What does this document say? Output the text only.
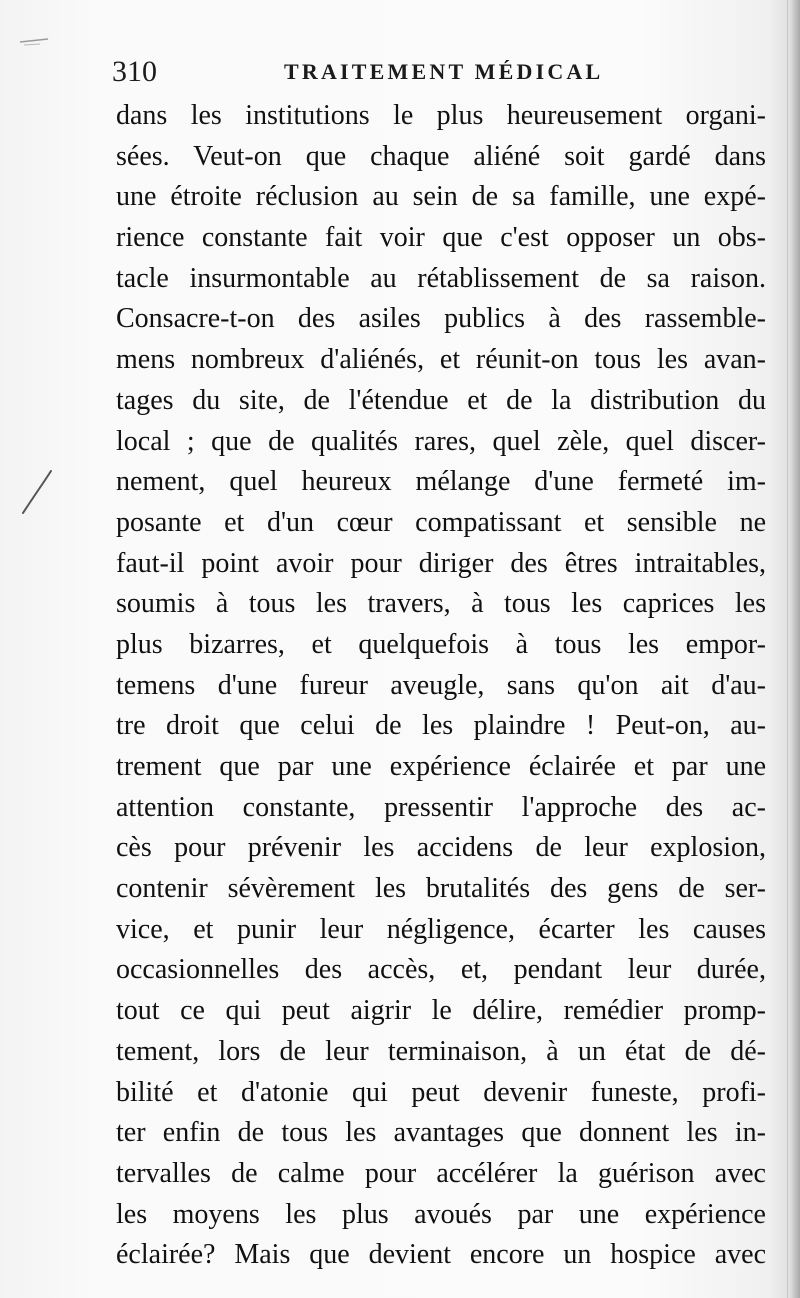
310	TRAITEMENT MÉDICAL
dans les institutions le plus heureusement organi-
sées. Veut-on que chaque aliéné soit gardé dans
une étroite réclusion au sein de sa famille, une expé-
rience constante fait voir que c'est opposer un obs-
tacle insurmontable au rétablissement de sa raison.
Consacre-t-on des asiles publics à des rassemble-
mens nombreux d'aliénés, et réunit-on tous les avan-
tages du site, de l'étendue et de la distribution du
local ; que de qualités rares, quel zèle, quel discer-
nement, quel heureux mélange d'une fermeté im-
posante et d'un cœur compatissant et sensible ne
faut-il point avoir pour diriger des êtres intraitables,
soumis à tous les travers, à tous les caprices les
plus bizarres, et quelquefois à tous les empor-
temens d'une fureur aveugle, sans qu'on ait d'au-
tre droit que celui de les plaindre ! Peut-on, au-
trement que par une expérience éclairée et par une
attention constante, pressentir l'approche des ac-
cès pour prévenir les accidens de leur explosion,
contenir sévèrement les brutalités des gens de ser-
vice, et punir leur négligence, écarter les causes
occasionnelles des accès, et, pendant leur durée,
tout ce qui peut aigrir le délire, remédier promp-
tement, lors de leur terminaison, à un état de dé-
bilité et d'atonie qui peut devenir funeste, profi-
ter enfin de tous les avantages que donnent les in-
tervalles de calme pour accélérer la guérison avec
les moyens les plus avoués par une expérience
éclairée? Mais que devient encore un hospice avec
